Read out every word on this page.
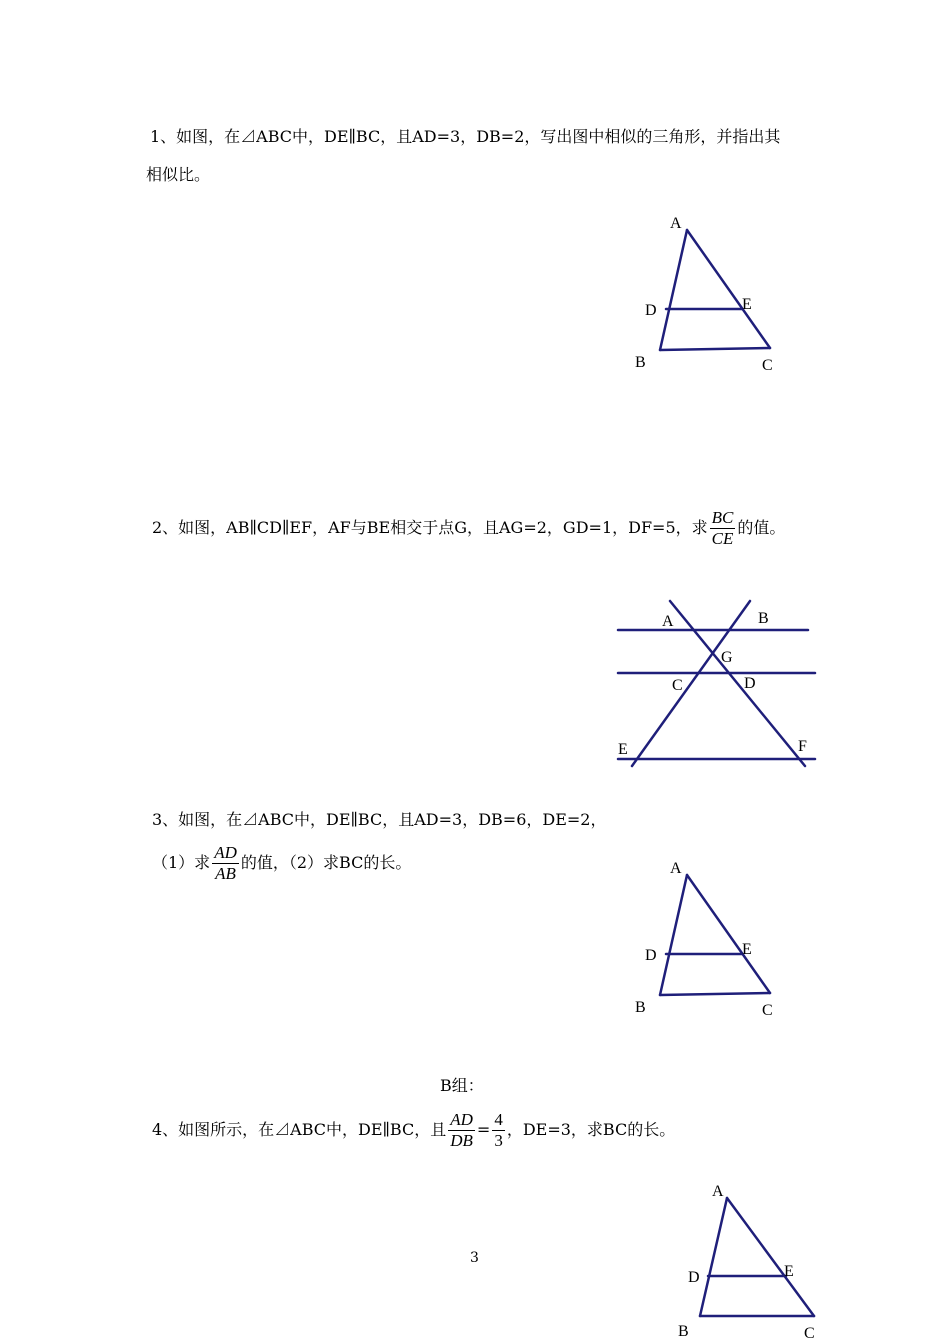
1、如图，在⊿ABC中，DE∥BC，且AD=3，DB=2，写出图中相似的三角形，并指出其
相似比。
A
D	E
B	C
2、如图，AB∥CD∥EF，AF与BE相交于点G，且AG=2，GD=1，DF=5，求 $\frac{BC}{CE}$ 的值。
A	B
G
C	D
E	F
3、如图，在⊿ABC中，DE∥BC，且AD=3，DB=6，DE=2，
（1）求 $\frac{AD}{AB}$ 的值，（2）求BC的长。	A
D	E
B	C
B组：
4、如图所示，在⊿ABC中，DE∥BC，且 $\frac{AD}{DB} = \frac{4}{3}$ ，DE=3，求BC的长。
A
D	E
B	C
3
